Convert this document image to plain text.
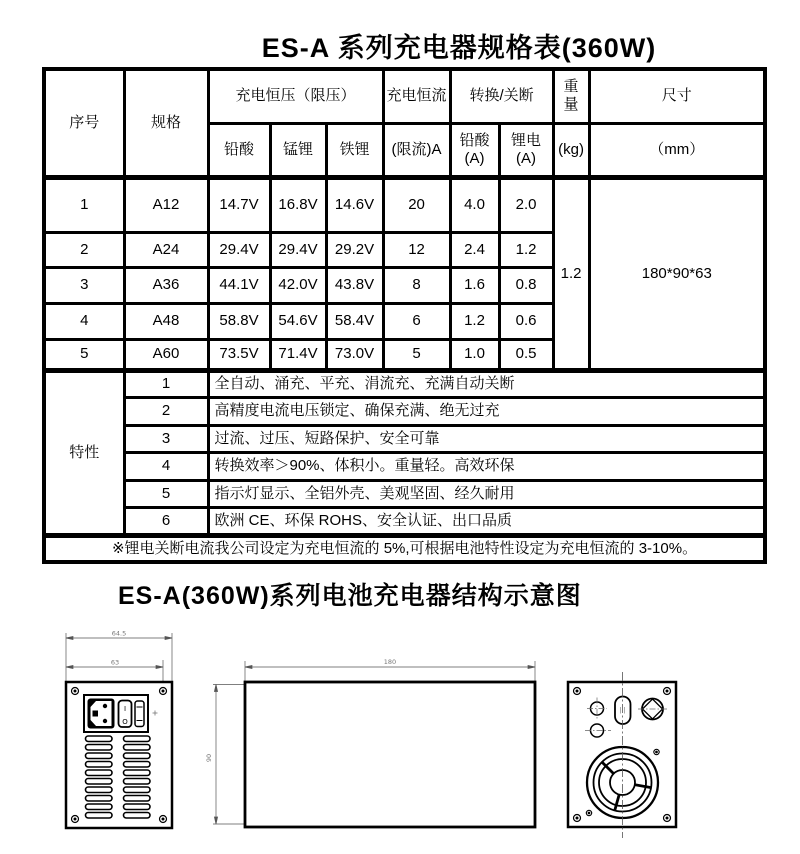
ES-A 系列充电器规格表(360W)
序号	规格	充电恒压（限压）			充电恒流	转换/关断		重量	尺寸
		铅酸	锰锂	铁锂	(限流)A	铅酸(A)	锂电(A)	(kg)	（mm）
1	A12	14.7V	16.8V	14.6V	20	4.0	2.0	1.2	180*90*63
2	A24	29.4V	29.4V	29.2V	12	2.4	1.2		
3	A36	44.1V	42.0V	43.8V	8	1.6	0.8		
4	A48	58.8V	54.6V	58.4V	6	1.2	0.6		
5	A60	73.5V	71.4V	73.0V	5	1.0	0.5		
特性	1	全自动、涌充、平充、涓流充、充满自动关断							
	2	高精度电流电压锁定、确保充满、绝无过充							
	3	过流、过压、短路保护、安全可靠							
	4	转换效率＞90%、体积小。重量轻。高效环保							
	5	指示灯显示、全铝外壳、美观坚固、经久耐用							
	6	欧洲 CE、环保 ROHS、安全认证、出口品质							
※锂电关断电流我公司设定为充电恒流的 5%,可根据电池特性设定为充电恒流的 3-10%。									
ES-A(360W)系列电池充电器结构示意图
64.5
63
I
O
180
90
